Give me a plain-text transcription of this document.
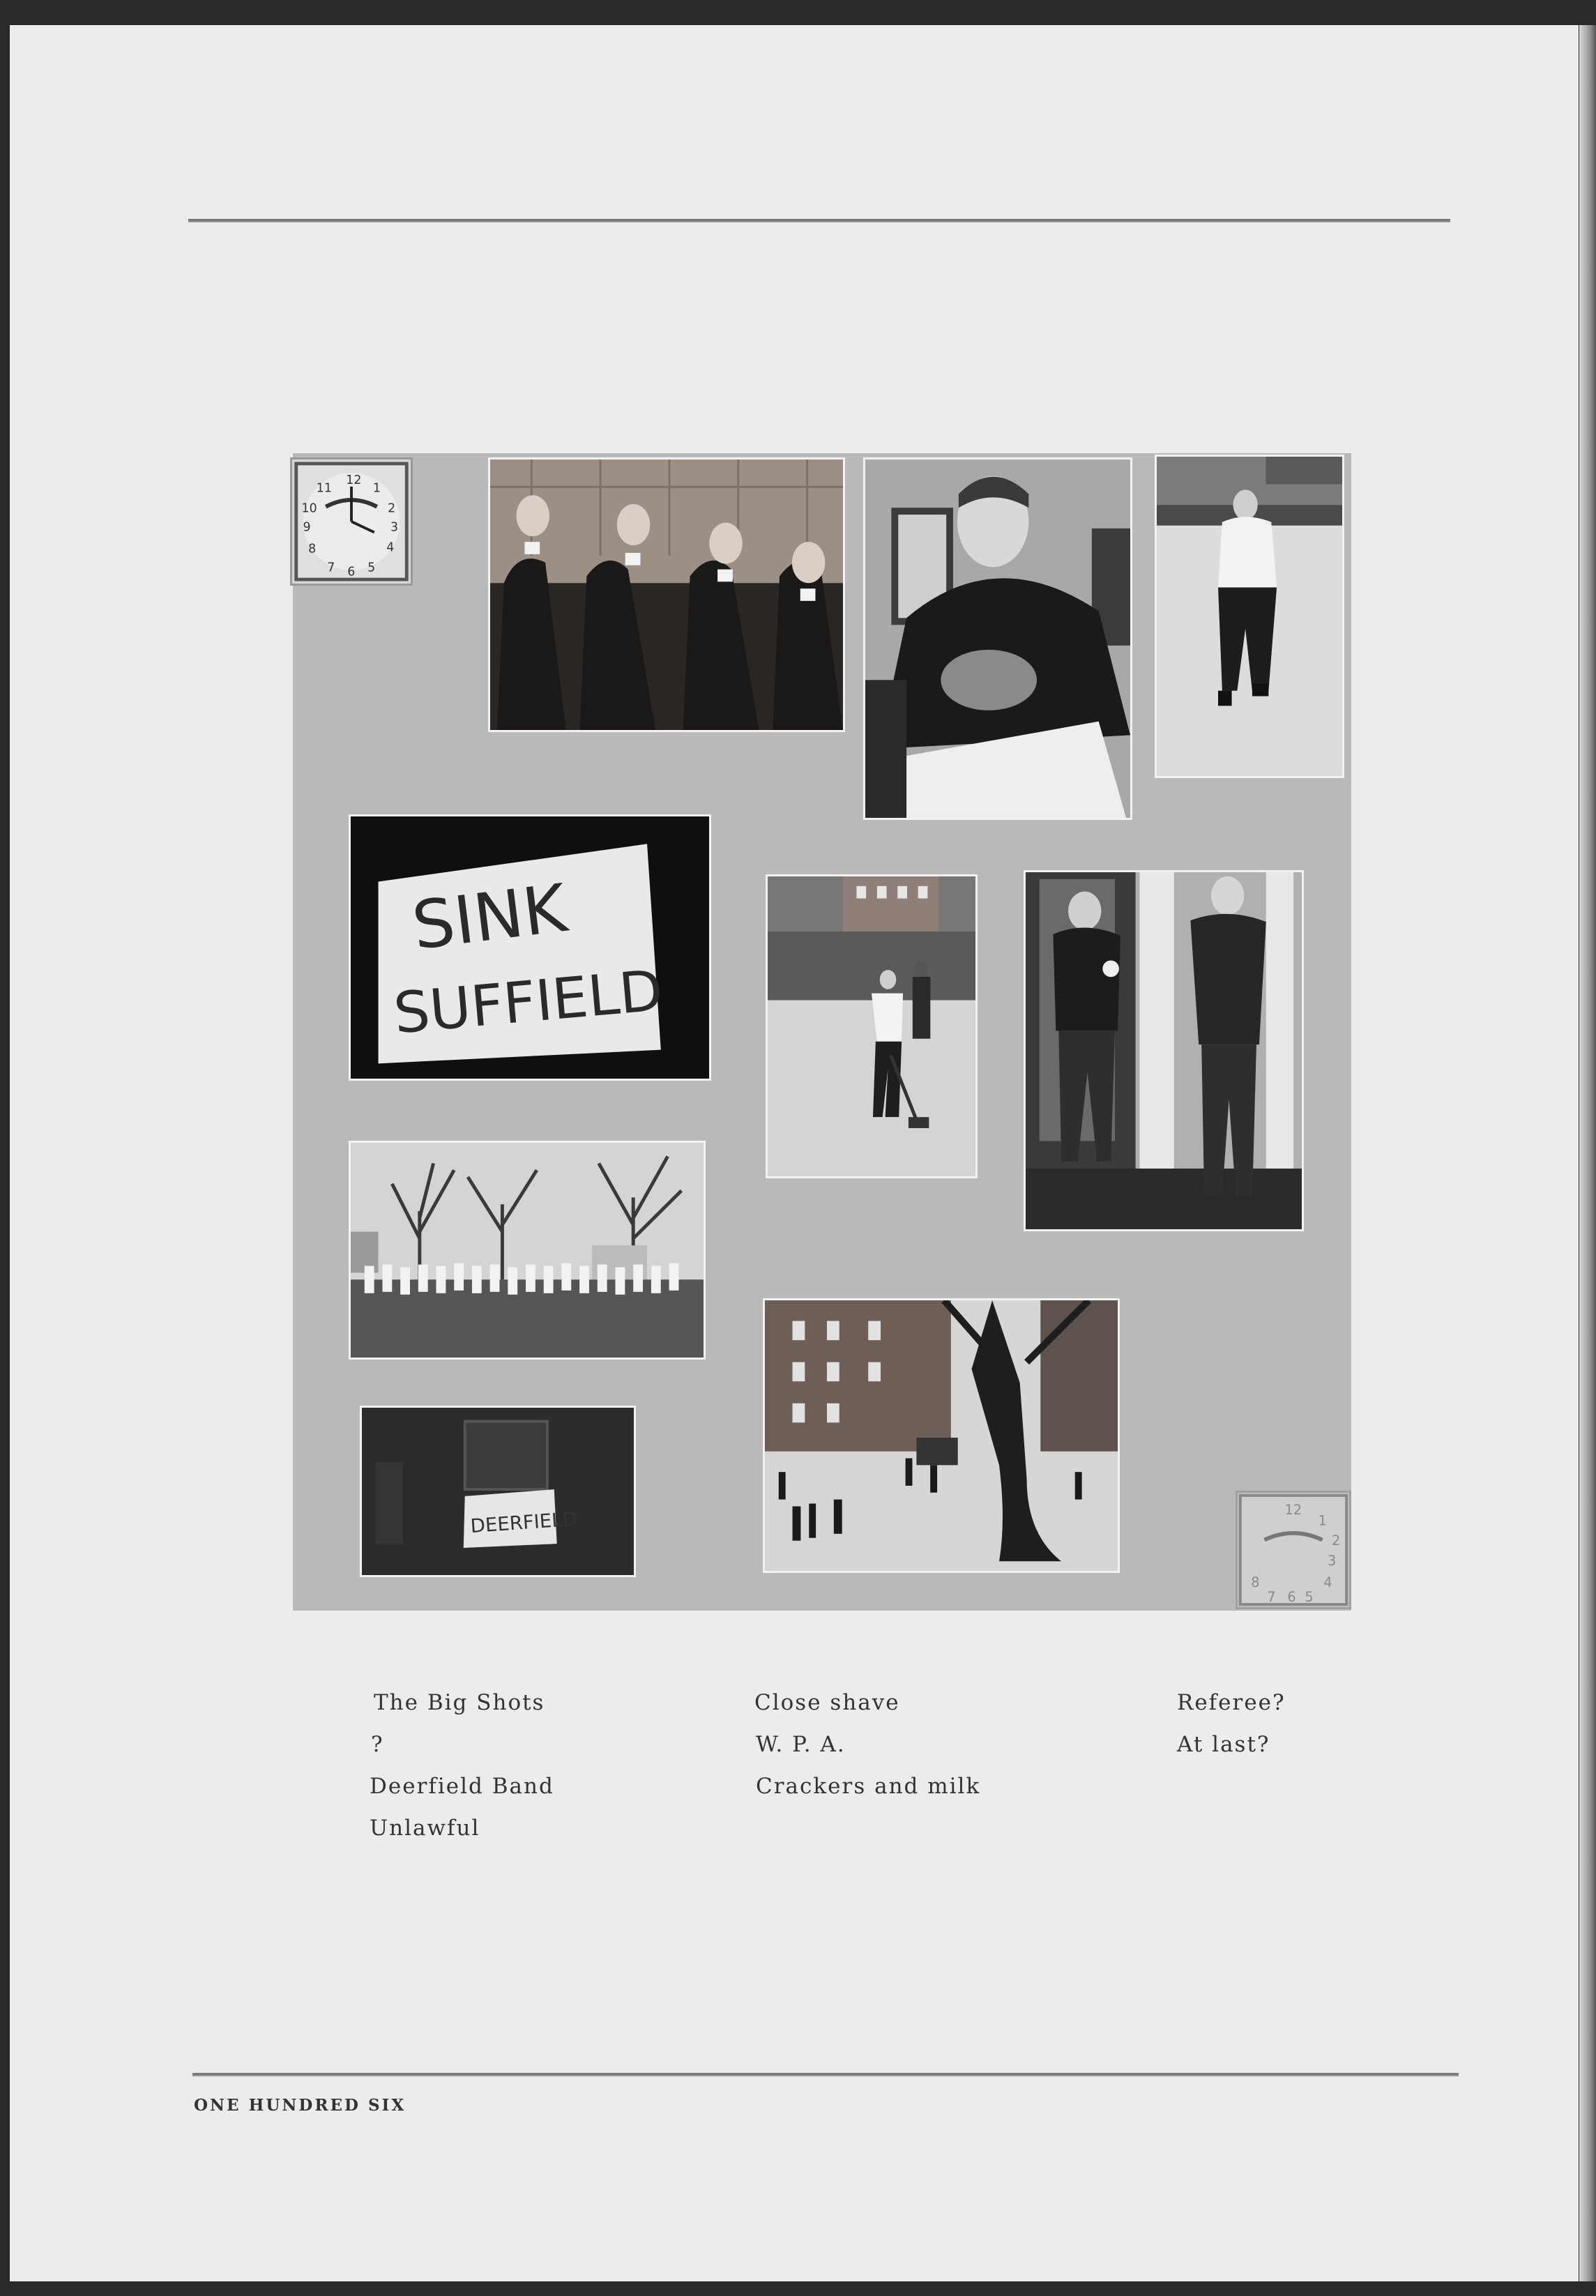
12
1
2
3
4
5
6
7
8
9
10
11
SINK
SUFFIELD
DEERFIELD	12
1
2
3
4
5
6
7
8
The Big Shots
?
Deerfield Band
Unlawful
Close shave
W. P. A.
Crackers and milk
Referee?
At last?
ONE HUNDRED SIX
